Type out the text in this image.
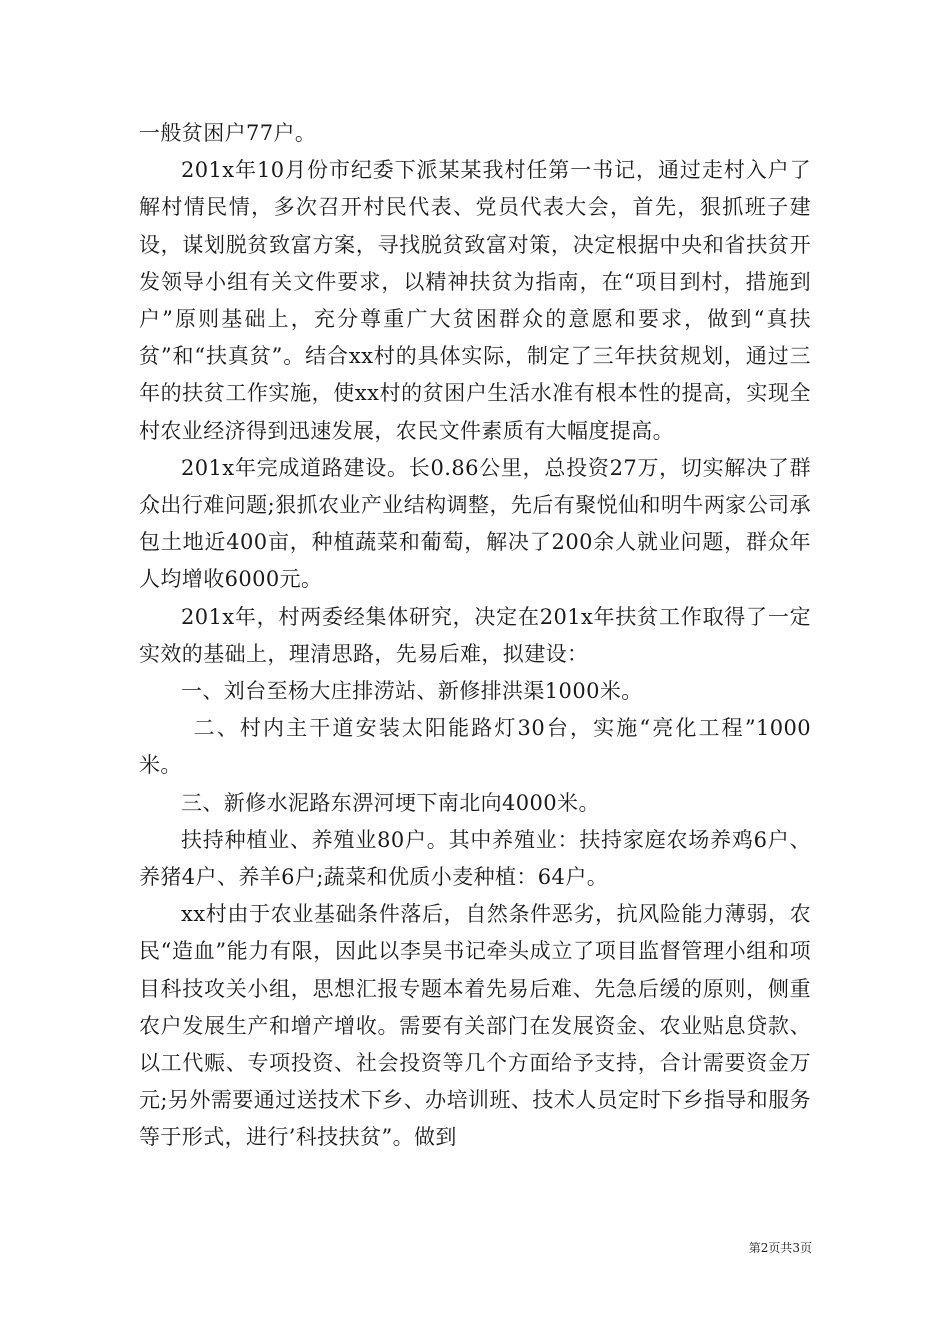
一般贫困户77户。

201x年10月份市纪委下派某某我村任第一书记，通过走村入户了解村情民情，多次召开村民代表、党员代表大会，首先，狠抓班子建设，谋划脱贫致富方案，寻找脱贫致富对策，决定根据中央和省扶贫开发领导小组有关文件要求，以精神扶贫为指南，在“项目到村，措施到户”原则基础上，充分尊重广大贫困群众的意愿和要求，做到“真扶贫”和“扶真贫”。结合xx村的具体实际，制定了三年扶贫规划，通过三年的扶贫工作实施，使xx村的贫困户生活水准有根本性的提高，实现全村农业经济得到迅速发展，农民文件素质有大幅度提高。

201x年完成道路建设。长0.86公里，总投资27万，切实解决了群众出行难问题;狠抓农业产业结构调整，先后有聚悦仙和明牛两家公司承包土地近400亩，种植蔬菜和葡萄，解决了200余人就业问题，群众年人均增收6000元。

201x年，村两委经集体研究，决定在201x年扶贫工作取得了一定实效的基础上，理清思路，先易后难，拟建设：

一、刘台至杨大庄排涝站、新修排洪渠1000米。

二、村内主干道安装太阳能路灯30台，实施“亮化工程”1000米。

三、新修水泥路东淠河埂下南北向4000米。

扶持种植业、养殖业80户。其中养殖业：扶持家庭农场养鸡6户、养猪4户、养羊6户;蔬菜和优质小麦种植：64户。

xx村由于农业基础条件落后，自然条件恶劣，抗风险能力薄弱，农民“造血”能力有限，因此以李昊书记牵头成立了项目监督管理小组和项目科技攻关小组，思想汇报专题本着先易后难、先急后缓的原则，侧重农户发展生产和增产增收。需要有关部门在发展资金、农业贴息贷款、以工代赈、专项投资、社会投资等几个方面给予支持，合计需要资金万元;另外需要通过送技术下乡、办培训班、技术人员定时下乡指导和服务等于形式，进行’科技扶贫”。做到

第2页共3页
